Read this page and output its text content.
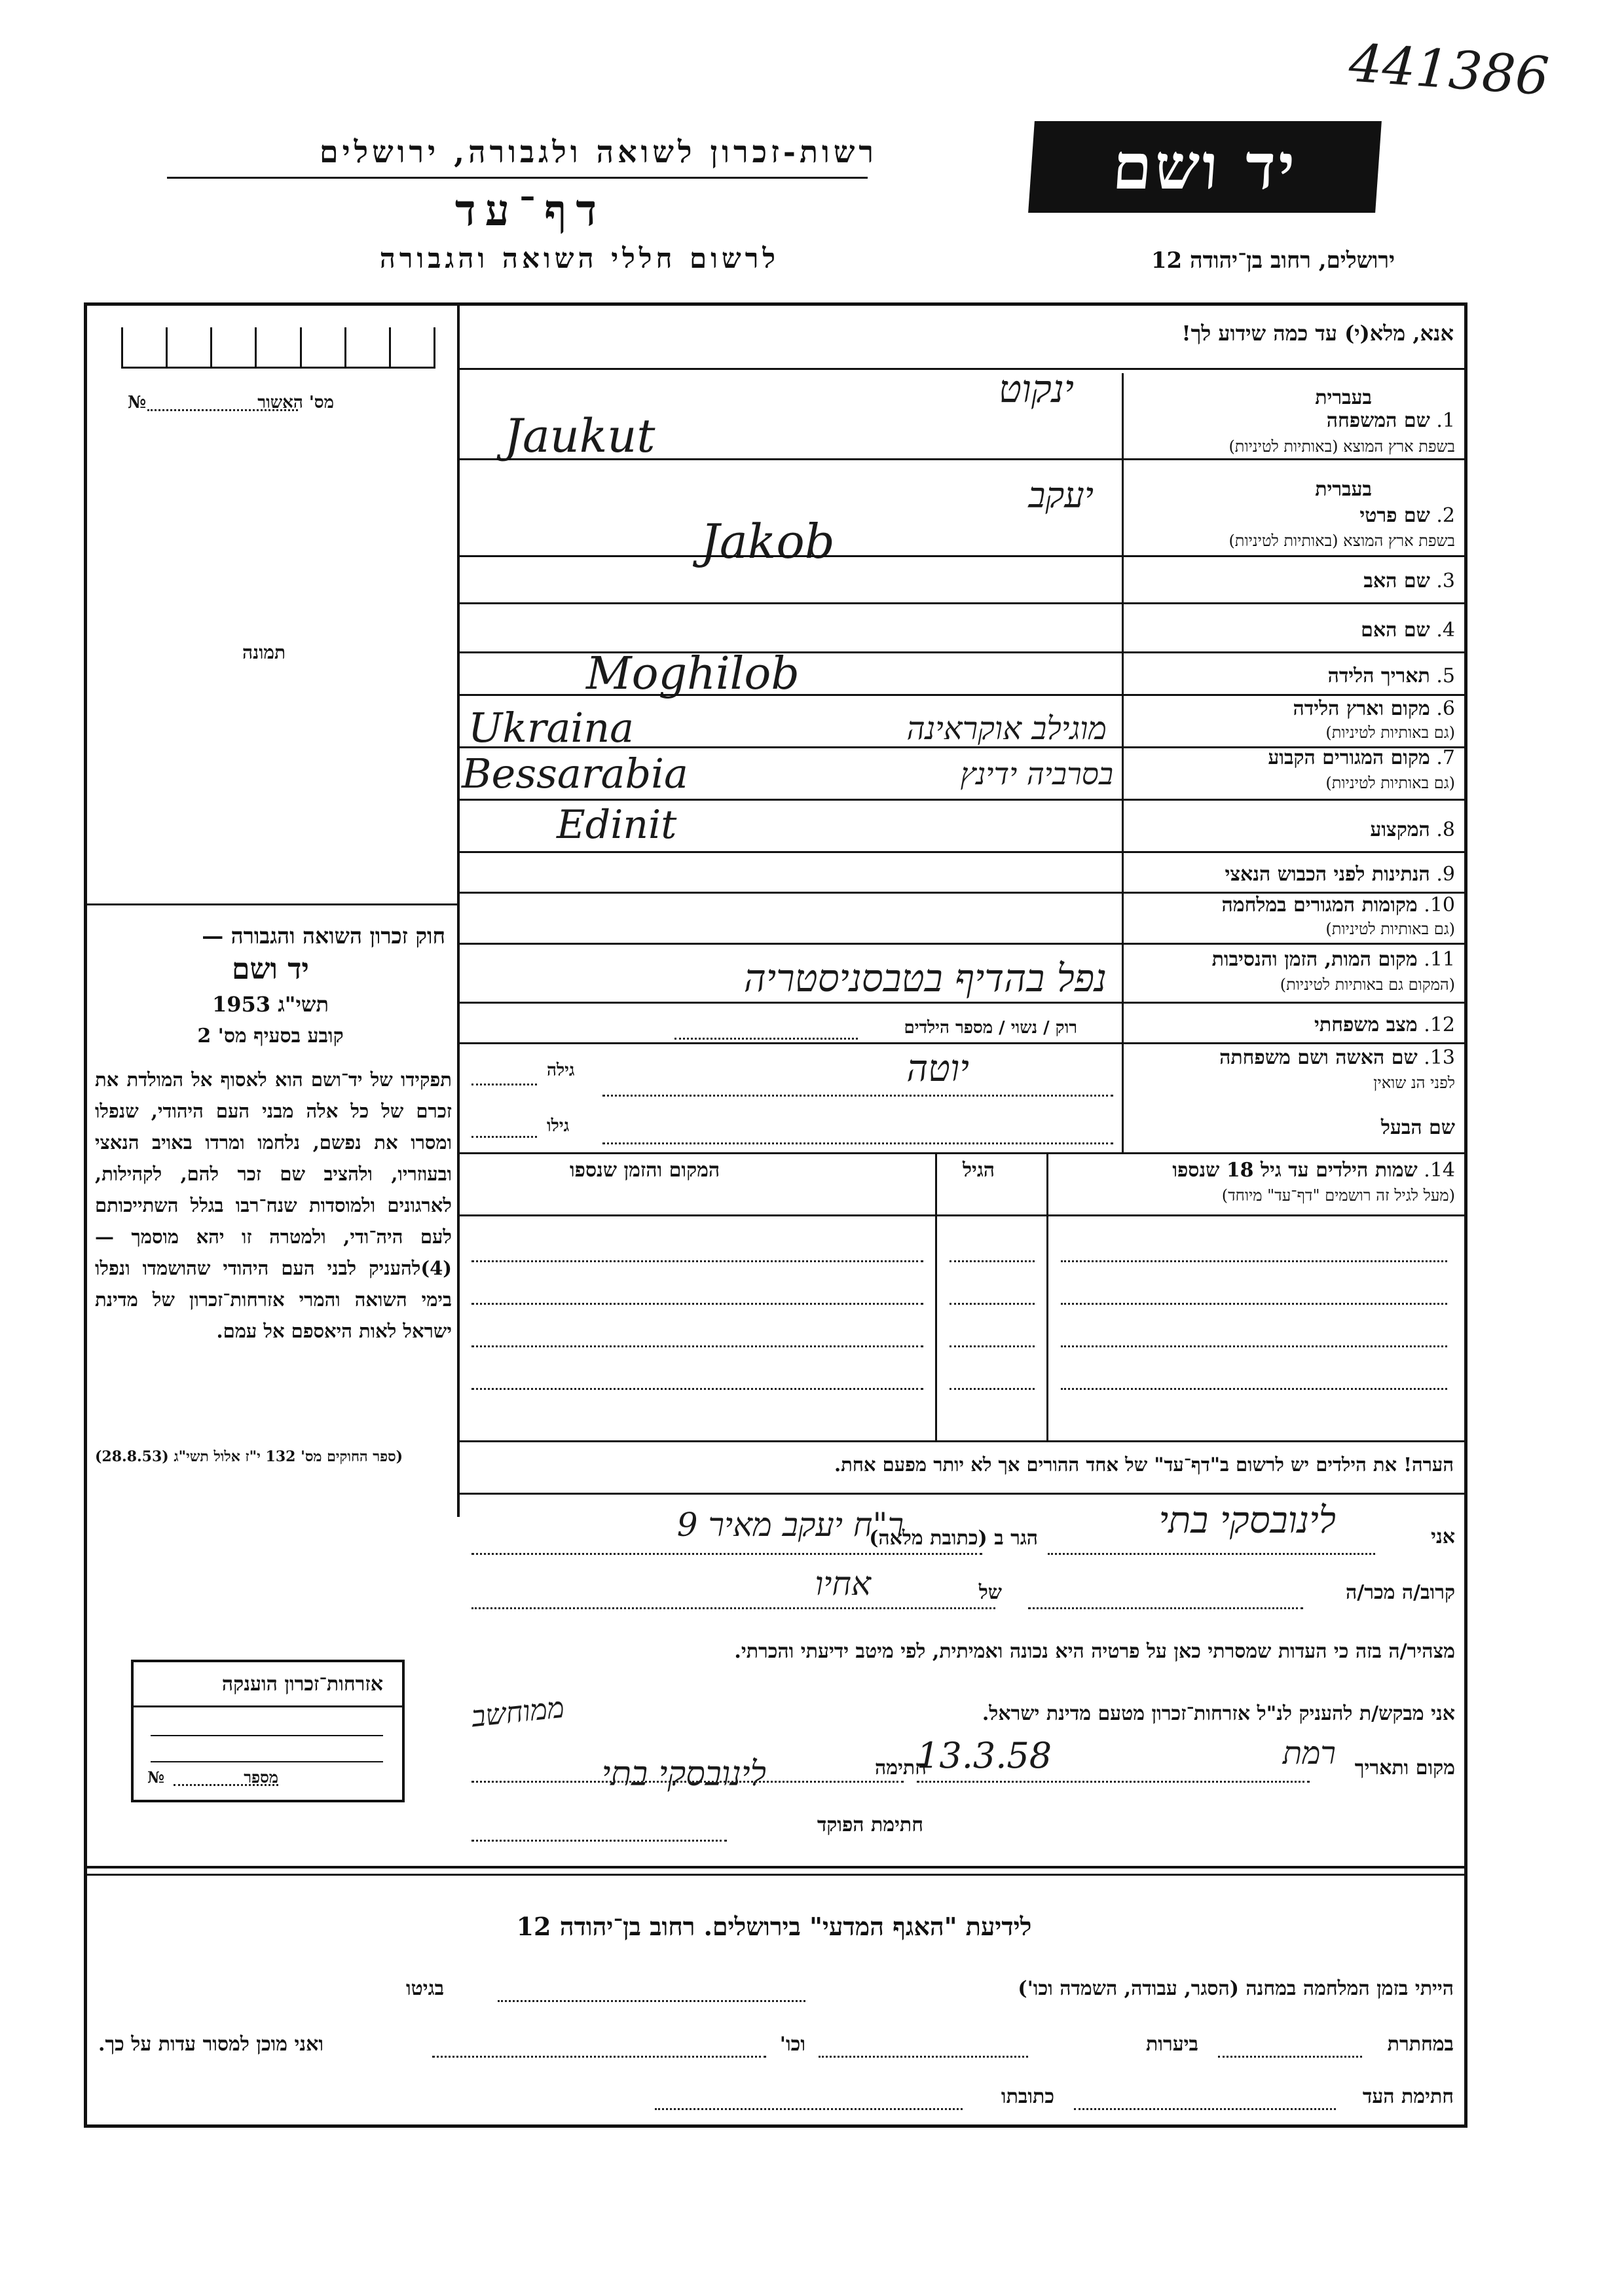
441386
רשות-זכרון לשואה ולגבורה, ירושלים
דף־עד
לרשום חללי השואה והגבורה
יד ושם
ירושלים, רחוב בן־יהודה 12
אנא, מלא(י) עד כמה שידוע לך!
מס' האשור
№
תמונה
חוק זכרון השואה והגבורה —
יד ושם
תשי"ג 1953
קובע בסעיף מס' 2
תפקידו של יד־ושם הוא לאסוף אל המולדת את זכרם של כל אלה מבני העם היהודי, שנפלו ומסרו את נפשם, נלחמו ומרדו באויב הנאצי ובעוזריו, ולהציב שם זכר להם, לקהילות, לארגונים ולמוסדות שנח־רבו בגלל השתייכותם לעם היה־ודי, ולמטרה זו יהא מוסמך — (4)להעניק לבני העם היהודי שהושמדו ונפלו בימי השואה והמרי אזרחות־זכרון של מדינת ישראל לאות היאספם אל עמם.
(ספר החוקים מס' 132 י"ז אלול תשי"ג (28.8.53)
בעברית
1. שם המשפחה
בשפת ארץ המוצא (באותיות לטיניות)
ינקוט
Jaukut
בעברית
2. שם פרטי
בשפת ארץ המוצא (באותיות לטיניות)
יעקב
Jakob
3. שם האב
4. שם האם
5. תאריך הלידה
Moghilob
6. מקום וארץ הלידה
(גם באותיות לטיניות)
Ukraina	מוגילב אוקראינה
7. מקום המגורים הקבוע
(גם באותיות לטיניות)
Bessarabia	בסרביה ידינץ
Edinit	8. המקצוע
9. הנתינות לפני הכבוש הנאצי
10. מקומות המגורים במלחמה
(גם באותיות לטיניות)
11. מקום המות, הזמן והנסיבות
(המקום גם באותיות לטיניות)
נפל בהדיף בטבסניסטריה
12. מצב משפחתי
רוק / נשוי / מספר הילדים
13. שם האשה ושם משפחתה
לפני הנ שואין
גילה	יוטה
שם הבעל
גילו
14. שמות הילדים עד גיל 18 שנספו
(מעל לגיל זה רושמים "דף־עד" מיוחד)
הגיל
המקום והזמן שנספו
הערה! את הילדים יש לרשום ב"דף־עד" של אחד ההורים אך לא יותר מפעם אחת.
אני
לינובסקי בתי
הגר ב (כתובת מלאה)
ר"ח יעקב מאיר 9
קרוב/ה מכר/ה
של
אחיו
מצהיר/ה בזה כי העדות שמסרתי כאן על פרטיה היא נכונה ואמיתית, לפי מיטב ידיעתי והכרתי.
אני מבקש/ת להעניק לנ"ל אזרחות־זכרון מטעם מדינת ישראל.
מקום ותאריך
רמת
13.3.58
חתימה
לינובסקי בתי
ממוחשב
חתימת הפוקד
אזרחות־זכרון הוענקה
מספר
№
לידיעת "האגף המדעי" בירושלים. רחוב בן־יהודה 12
הייתי בזמן המלחמה במחנה (הסגר, עבודה, השמדה וכו')
בגיטו
במחתרת
ביערות
וכו'
ואני מוכן למסור עדות על כך.
חתימת העד
כתובתו
